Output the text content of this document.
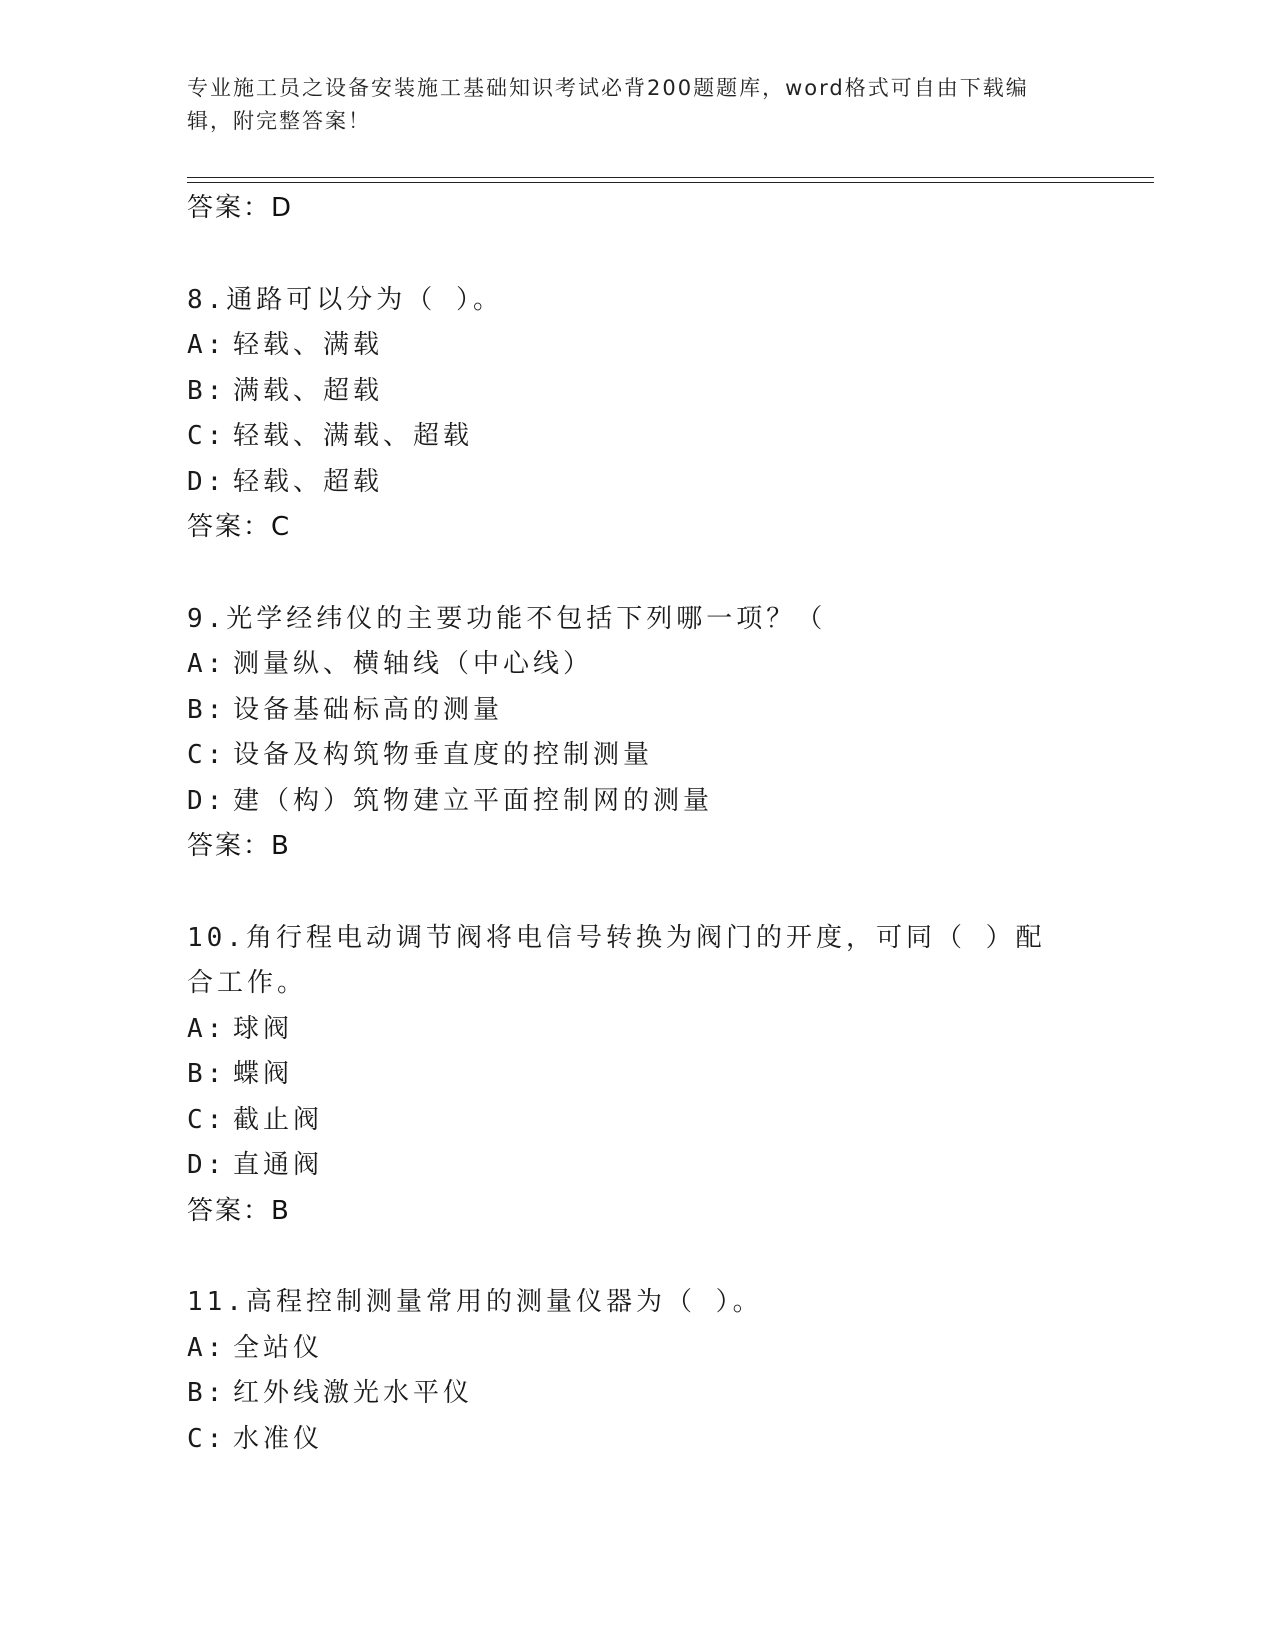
专业施工员之设备安装施工基础知识考试必背200题题库，word格式可自由下载编辑，附完整答案！
答案：D
8.通路可以分为（ ）。
A: 轻载、满载
B: 满载、超载
C: 轻载、满载、超载
D: 轻载、超载
答案：C
9.光学经纬仪的主要功能不包括下列哪一项？（
A: 测量纵、横轴线（中心线）
B: 设备基础标高的测量
C: 设备及构筑物垂直度的控制测量
D: 建（构）筑物建立平面控制网的测量
答案：B
10.角行程电动调节阀将电信号转换为阀门的开度，可同（ ）配合工作。
A: 球阀
B: 蝶阀
C: 截止阀
D: 直通阀
答案：B
11.高程控制测量常用的测量仪器为（ ）。
A: 全站仪
B: 红外线激光水平仪
C: 水准仪
